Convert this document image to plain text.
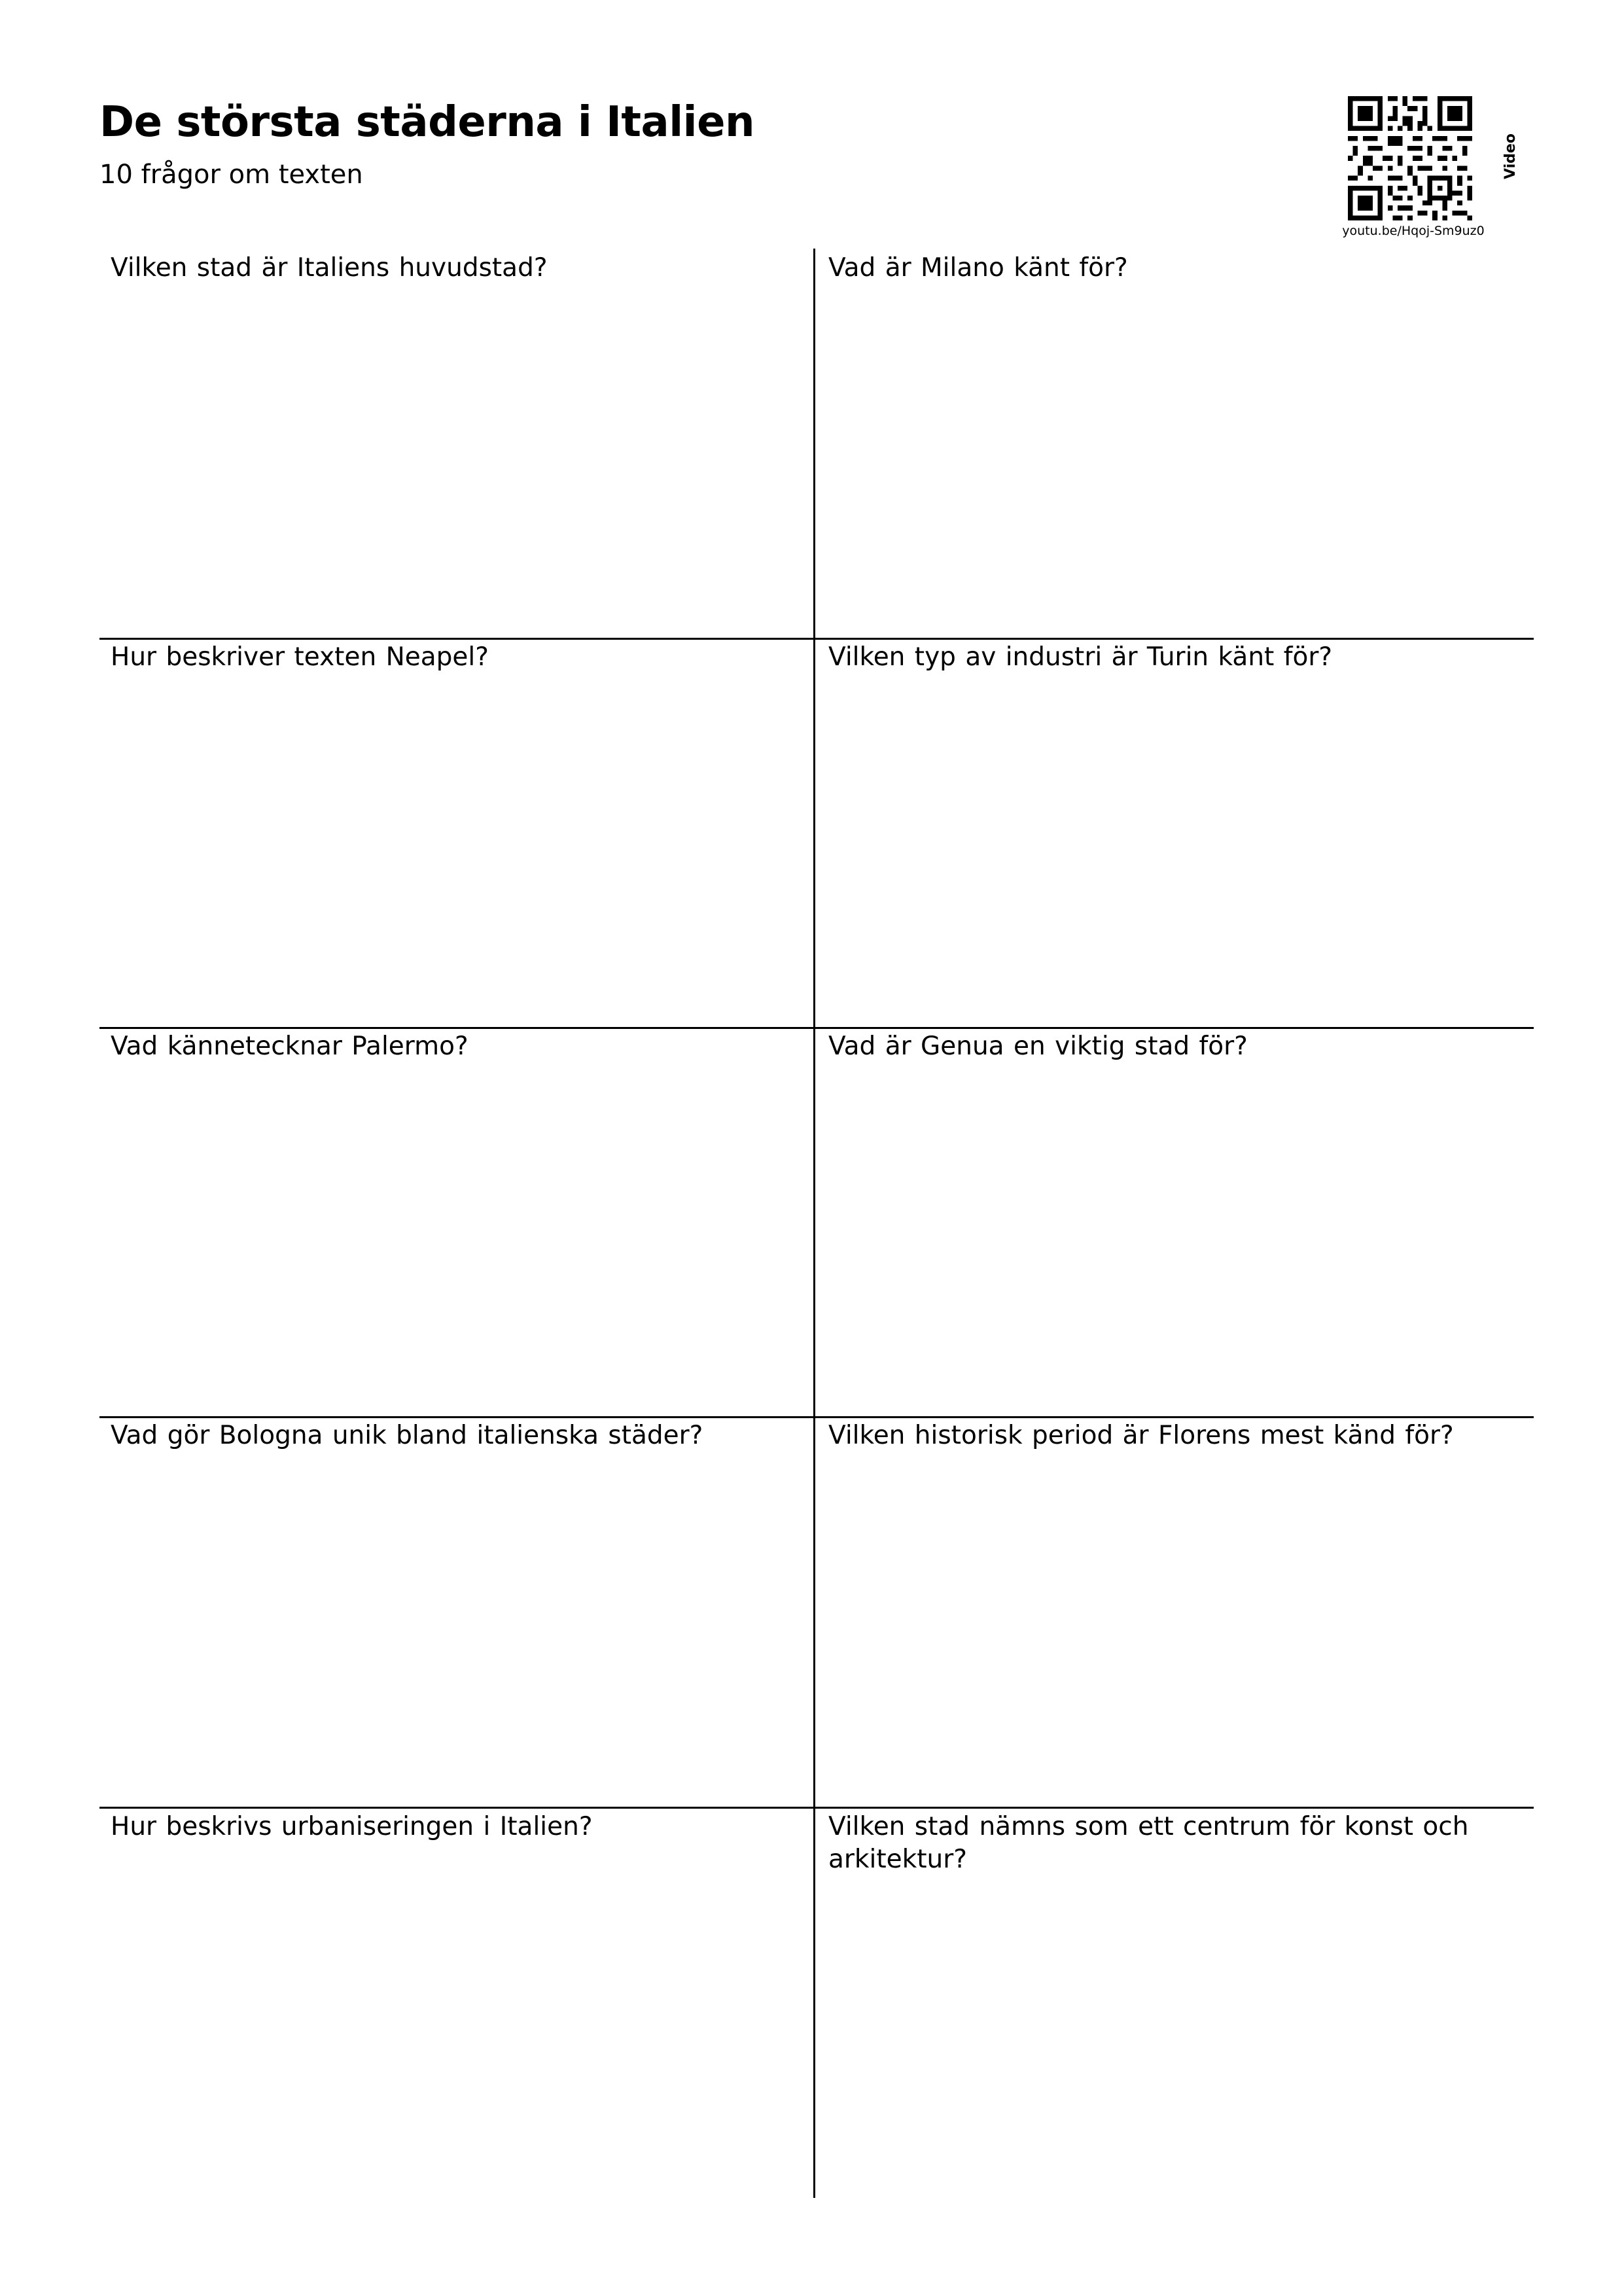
De största städerna i Italien
10 frågor om texten
youtu.be/Hqoj-Sm9uz0
Video
Vilken stad är Italiens huvudstad?	Vad är Milano känt för?
Hur beskriver texten Neapel?	Vilken typ av industri är Turin känt för?
Vad kännetecknar Palermo?	Vad är Genua en viktig stad för?
Vad gör Bologna unik bland italienska städer?	Vilken historisk period är Florens mest känd för?
Hur beskrivs urbaniseringen i Italien?	Vilken stad nämns som ett centrum för konst och arkitektur?
